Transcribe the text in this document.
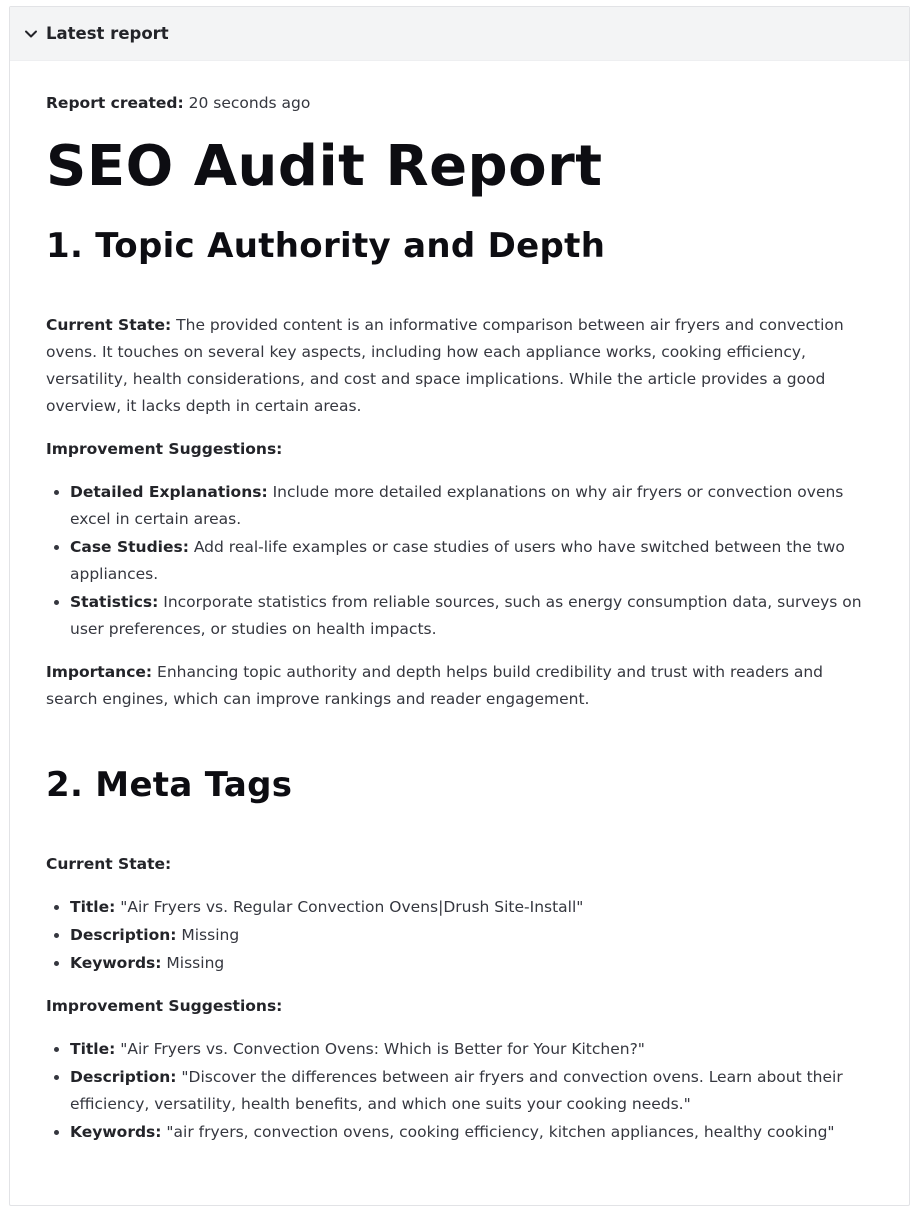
Latest report
Report created: 20 seconds ago
SEO Audit Report
1. Topic Authority and Depth

Current State: The provided content is an informative comparison between air fryers and convection ovens. It touches on several key aspects, including how each appliance works, cooking efficiency, versatility, health considerations, and cost and space implications. While the article provides a good overview, it lacks depth in certain areas.

Improvement Suggestions:

• Detailed Explanations: Include more detailed explanations on why air fryers or convection ovens excel in certain areas.
• Case Studies: Add real-life examples or case studies of users who have switched between the two appliances.
• Statistics: Incorporate statistics from reliable sources, such as energy consumption data, surveys on user preferences, or studies on health impacts.

Importance: Enhancing topic authority and depth helps build credibility and trust with readers and search engines, which can improve rankings and reader engagement.

2. Meta Tags

Current State:

• Title: "Air Fryers vs. Regular Convection Ovens|Drush Site-Install"
• Description: Missing
• Keywords: Missing

Improvement Suggestions:

• Title: "Air Fryers vs. Convection Ovens: Which is Better for Your Kitchen?"
• Description: "Discover the differences between air fryers and convection ovens. Learn about their efficiency, versatility, health benefits, and which one suits your cooking needs."
• Keywords: "air fryers, convection ovens, cooking efficiency, kitchen appliances, healthy cooking"
